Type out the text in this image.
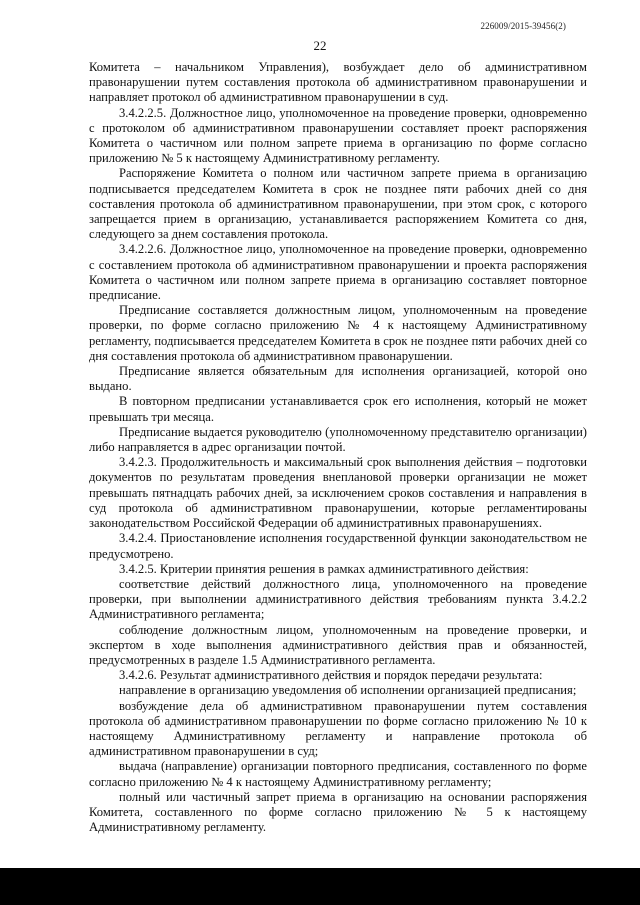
226009/2015-39456(2)
22

Комитета – начальником Управления), возбуждает дело об административном правонарушении путем составления протокола об административном правонарушении и направляет протокол об административном правонарушении в суд.

3.4.2.2.5. Должностное лицо, уполномоченное на проведение проверки, одновременно с протоколом об административном правонарушении составляет проект распоряжения Комитета о частичном или полном запрете приема в организацию по форме согласно приложению № 5 к настоящему Административному регламенту.

Распоряжение Комитета о полном или частичном запрете приема в организацию подписывается председателем Комитета в срок не позднее пяти рабочих дней со дня составления протокола об административном правонарушении, при этом срок, с которого запрещается прием в организацию, устанавливается распоряжением Комитета со дня, следующего за днем составления протокола.

3.4.2.2.6. Должностное лицо, уполномоченное на проведение проверки, одновременно с составлением протокола об административном правонарушении и проекта распоряжения Комитета о частичном или полном запрете приема в организацию составляет повторное предписание.

Предписание составляется должностным лицом, уполномоченным на проведение проверки, по форме согласно приложению № 4 к настоящему Административному регламенту, подписывается председателем Комитета в срок не позднее пяти рабочих дней со дня составления протокола об административном правонарушении.

Предписание является обязательным для исполнения организацией, которой оно выдано.

В повторном предписании устанавливается срок его исполнения, который не может превышать три месяца.

Предписание выдается руководителю (уполномоченному представителю организации) либо направляется в адрес организации почтой.

3.4.2.3. Продолжительность и максимальный срок выполнения действия – подготовки документов по результатам проведения внеплановой проверки организации не может превышать пятнадцать рабочих дней, за исключением сроков составления и направления в суд протокола об административном правонарушении, которые регламентированы законодательством Российской Федерации об административных правонарушениях.

3.4.2.4. Приостановление исполнения государственной функции законодательством не предусмотрено.

3.4.2.5. Критерии принятия решения в рамках административного действия:

соответствие действий должностного лица, уполномоченного на проведение проверки, при выполнении административного действия требованиям пункта 3.4.2.2 Административного регламента;

соблюдение должностным лицом, уполномоченным на проведение проверки, и экспертом в ходе выполнения административного действия прав и обязанностей, предусмотренных в разделе 1.5 Административного регламента.

3.4.2.6. Результат административного действия и порядок передачи результата:

направление в организацию уведомления об исполнении организацией предписания;

возбуждение дела об административном правонарушении путем составления протокола об административном правонарушении по форме согласно приложению № 10 к настоящему Административному регламенту и направление протокола об административном правонарушении в суд;

выдача (направление) организации повторного предписания, составленного по форме согласно приложению № 4 к настоящему Административному регламенту;

полный или частичный запрет приема в организацию на основании распоряжения Комитета, составленного по форме согласно приложению № 5 к настоящему Административному регламенту.
